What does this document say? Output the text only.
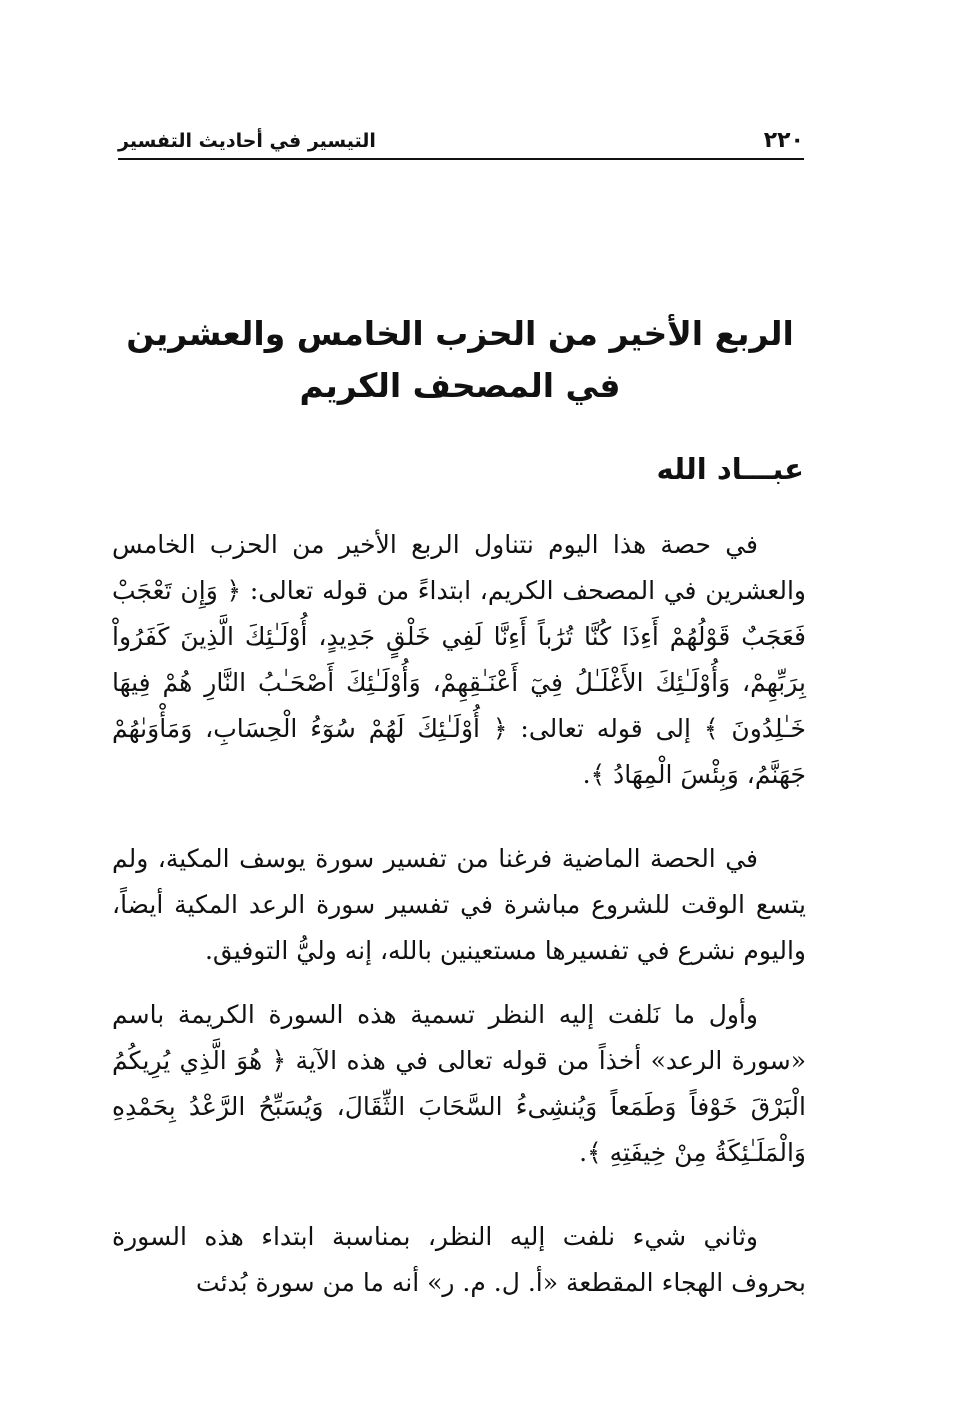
٢٢٠
التيسير في أحاديث التفسير
الربع الأخير من الحزب الخامس والعشرين
في المصحف الكريم
عبـــاد الله

في حصة هذا اليوم نتناول الربع الأخير من الحزب الخامس والعشرين في المصحف الكريم، ابتداءً من قوله تعالى: ﴿ وَإِن تَعْجَبْ فَعَجَبٌ قَوْلُهُمْ أَءِذَا كُنَّا تُرَٰباً أَءِنَّا لَفِي خَلْقٍ جَدِيدٍ، أُوْلَـٰئِكَ الَّذِينَ كَفَرُواْ بِرَبِّهِمْ، وَأُوْلَـٰئِكَ الأَغْلَـٰلُ فِيٓ أَعْنَـٰقِهِمْ، وَأُوْلَـٰئِكَ أَصْحَـٰبُ النَّارِ هُمْ فِيهَا خَـٰلِدُونَ ﴾ إلى قوله تعالى: ﴿ أُوْلَـٰئِكَ لَهُمْ سُوٓءُ الْحِسَابِ، وَمَأْوَىٰهُمْ جَهَنَّمُ، وَبِئْسَ الْمِهَادُ ﴾.

في الحصة الماضية فرغنا من تفسير سورة يوسف المكية، ولم يتسع الوقت للشروع مباشرة في تفسير سورة الرعد المكية أيضاً، واليوم نشرع في تفسيرها مستعينين بالله، إنه وليُّ التوفيق.

وأول ما نَلفت إليه النظر تسمية هذه السورة الكريمة باسم «سورة الرعد» أخذاً من قوله تعالى في هذه الآية ﴿ هُوَ الَّذِي يُرِيكُمُ الْبَرْقَ خَوْفاً وَطَمَعاً وَيُنشِىءُ السَّحَابَ الثِّقَالَ، وَيُسَبِّحُ الرَّعْدُ بِحَمْدِهِ وَالْمَلَـٰئِكَةُ مِنْ خِيفَتِهِ ﴾.

وثاني شيء نلفت إليه النظر، بمناسبة ابتداء هذه السورة بحروف الهجاء المقطعة «أ. ل. م. ر» أنه ما من سورة بُدئت
